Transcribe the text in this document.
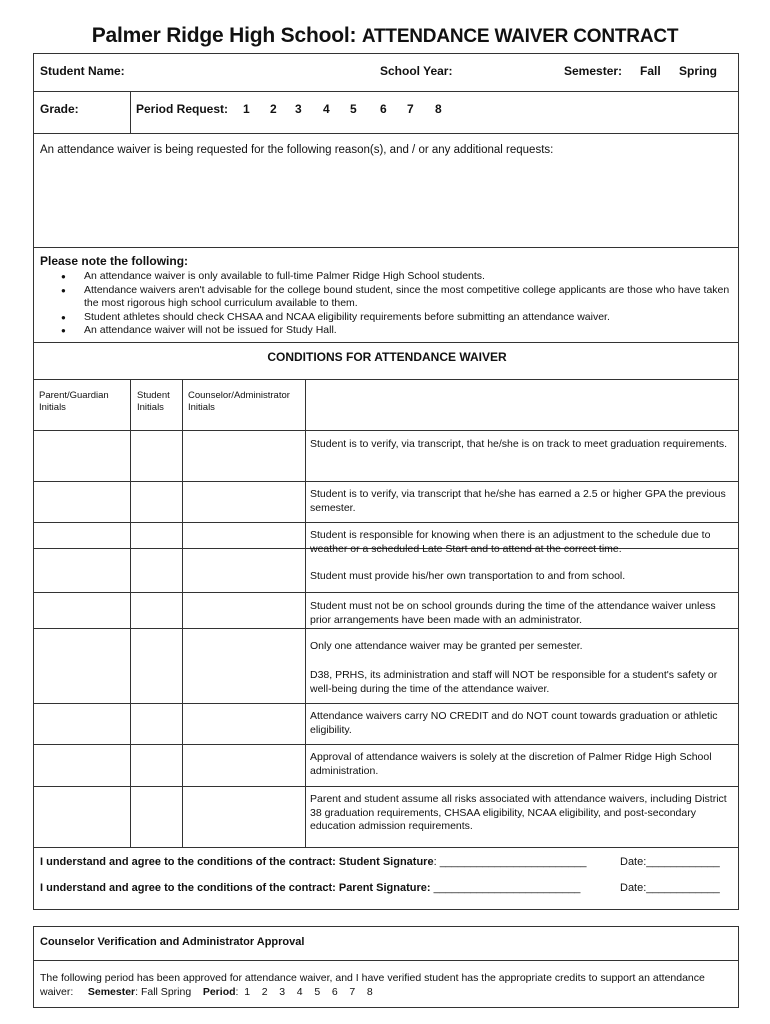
Palmer Ridge High School: ATTENDANCE WAIVER CONTRACT
Student Name:	School Year:	Semester: Fall Spring
Grade:	Period Request: 1 2 3 4 5 6 7 8
An attendance waiver is being requested for the following reason(s), and / or any additional requests:
Please note the following:
● An attendance waiver is only available to full-time Palmer Ridge High School students.
● Attendance waivers aren't advisable for the college bound student, since the most competitive college applicants are those who have taken the most rigorous high school curriculum available to them.
● Student athletes should check CHSAA and NCAA eligibility requirements before submitting an attendance waiver.
● An attendance waiver will not be issued for Study Hall.
CONDITIONS FOR ATTENDANCE WAIVER
Parent/Guardian Initials
Student Initials
Counselor/Administrator Initials
Student is to verify, via transcript, that he/she is on track to meet graduation requirements.
Student is to verify, via transcript that he/she has earned a 2.5 or higher GPA the previous semester.
Student is responsible for knowing when there is an adjustment to the schedule due to weather or a scheduled Late Start and to attend at the correct time.
Student must provide his/her own transportation to and from school.
Student must not be on school grounds during the time of the attendance waiver unless prior arrangements have been made with an administrator.
Only one attendance waiver may be granted per semester.
D38, PRHS, its administration and staff will NOT be responsible for a student's safety or well-being during the time of the attendance waiver.
Attendance waivers carry NO CREDIT and do NOT count towards graduation or athletic eligibility.
Approval of attendance waivers is solely at the discretion of Palmer Ridge High School administration.
Parent and student assume all risks associated with attendance waivers, including District 38 graduation requirements, CHSAA eligibility, NCAA eligibility, and post-secondary education admission requirements.
I understand and agree to the conditions of the contract: Student Signature: ________________________	Date:____________
I understand and agree to the conditions of the contract: Parent Signature: ________________________	Date:____________
Counselor Verification and Administrator Approval
The following period has been approved for attendance waiver, and I have verified student has the appropriate credits to support an attendance waiver: Semester: Fall Spring Period:  1    2    3    4    5    6    7    8
